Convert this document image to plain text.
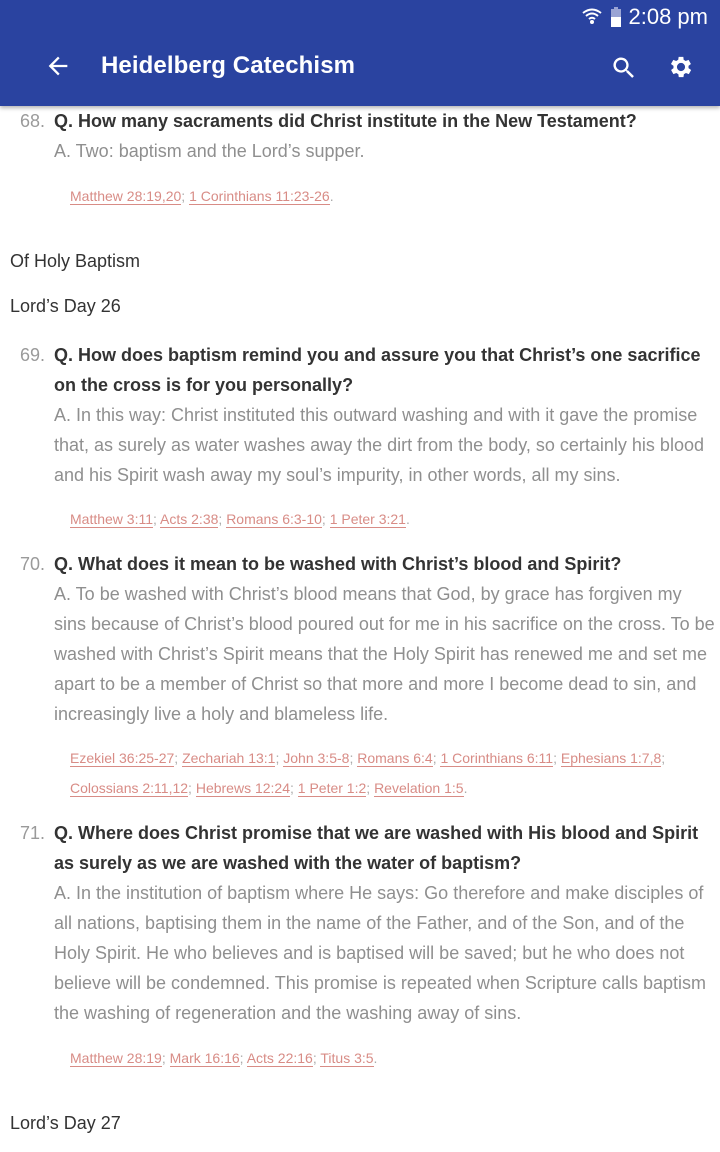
2:08 pm
Heidelberg Catechism
68. Q. How many sacraments did Christ institute in the New Testament?
A. Two: baptism and the Lord’s supper.
Matthew 28:19,20; 1 Corinthians 11:23-26.
Of Holy Baptism
Lord’s Day 26
69. Q. How does baptism remind you and assure you that Christ’s one sacrifice on the cross is for you personally?
A. In this way: Christ instituted this outward washing and with it gave the promise that, as surely as water washes away the dirt from the body, so certainly his blood and his Spirit wash away my soul’s impurity, in other words, all my sins.
Matthew 3:11; Acts 2:38; Romans 6:3-10; 1 Peter 3:21.
70. Q. What does it mean to be washed with Christ’s blood and Spirit?
A. To be washed with Christ’s blood means that God, by grace has forgiven my sins because of Christ’s blood poured out for me in his sacrifice on the cross. To be washed with Christ’s Spirit means that the Holy Spirit has renewed me and set me apart to be a member of Christ so that more and more I become dead to sin, and increasingly live a holy and blameless life.
Ezekiel 36:25-27; Zechariah 13:1; John 3:5-8; Romans 6:4; 1 Corinthians 6:11; Ephesians 1:7,8; Colossians 2:11,12; Hebrews 12:24; 1 Peter 1:2; Revelation 1:5.
71. Q. Where does Christ promise that we are washed with His blood and Spirit as surely as we are washed with the water of baptism?
A. In the institution of baptism where He says: Go therefore and make disciples of all nations, baptising them in the name of the Father, and of the Son, and of the Holy Spirit. He who believes and is baptised will be saved; but he who does not believe will be condemned. This promise is repeated when Scripture calls baptism the washing of regeneration and the washing away of sins.
Matthew 28:19; Mark 16:16; Acts 22:16; Titus 3:5.
Lord’s Day 27
